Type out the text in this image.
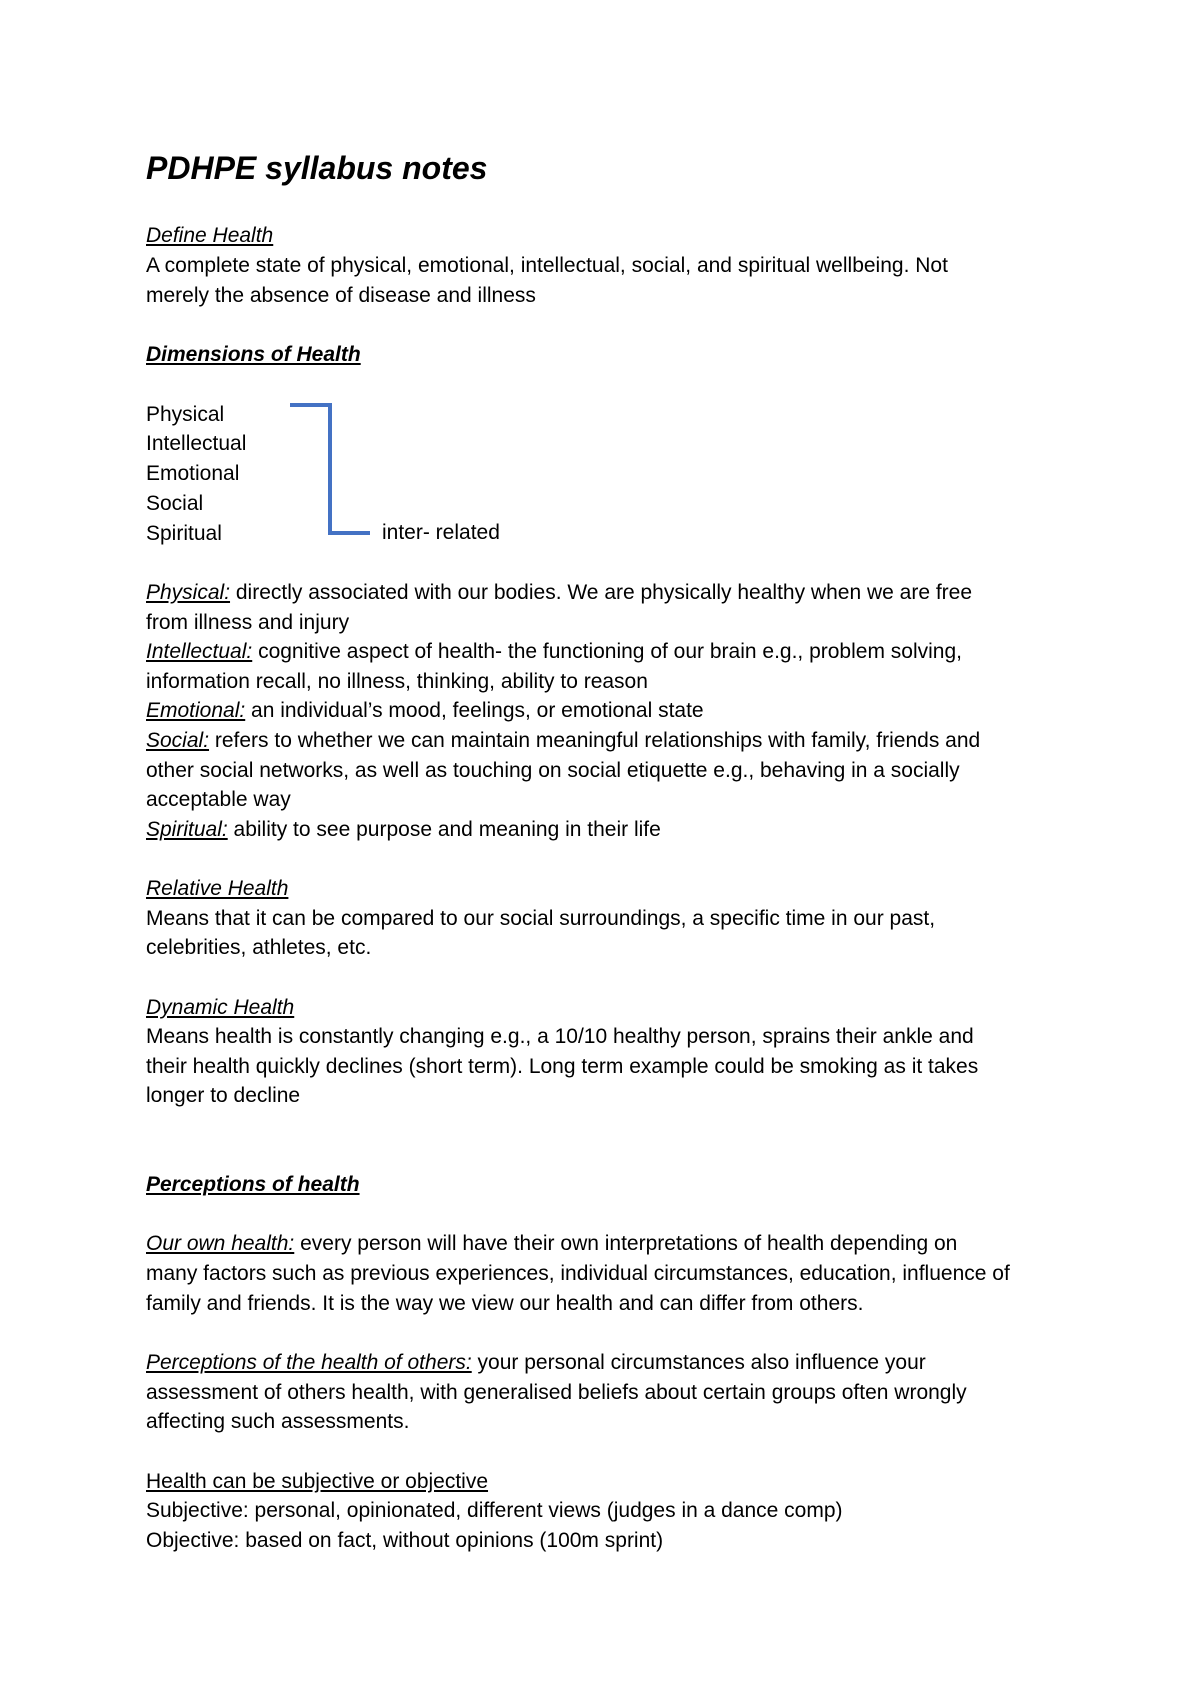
PDHPE syllabus notes
Define Health
A complete state of physical, emotional, intellectual, social, and spiritual wellbeing. Not
merely the absence of disease and illness
Dimensions of Health
Physical
Intellectual
Emotional
Social
Spiritual	inter- related
Physical: directly associated with our bodies. We are physically healthy when we are free
from illness and injury
Intellectual: cognitive aspect of health- the functioning of our brain e.g., problem solving,
information recall, no illness, thinking, ability to reason
Emotional: an individual’s mood, feelings, or emotional state
Social: refers to whether we can maintain meaningful relationships with family, friends and
other social networks, as well as touching on social etiquette e.g., behaving in a socially
acceptable way
Spiritual: ability to see purpose and meaning in their life
Relative Health
Means that it can be compared to our social surroundings, a specific time in our past,
celebrities, athletes, etc.
Dynamic Health
Means health is constantly changing e.g., a 10/10 healthy person, sprains their ankle and
their health quickly declines (short term). Long term example could be smoking as it takes
longer to decline
Perceptions of health
Our own health: every person will have their own interpretations of health depending on
many factors such as previous experiences, individual circumstances, education, influence of
family and friends. It is the way we view our health and can differ from others.
Perceptions of the health of others: your personal circumstances also influence your
assessment of others health, with generalised beliefs about certain groups often wrongly
affecting such assessments.
Health can be subjective or objective
Subjective: personal, opinionated, different views (judges in a dance comp)
Objective: based on fact, without opinions (100m sprint)
